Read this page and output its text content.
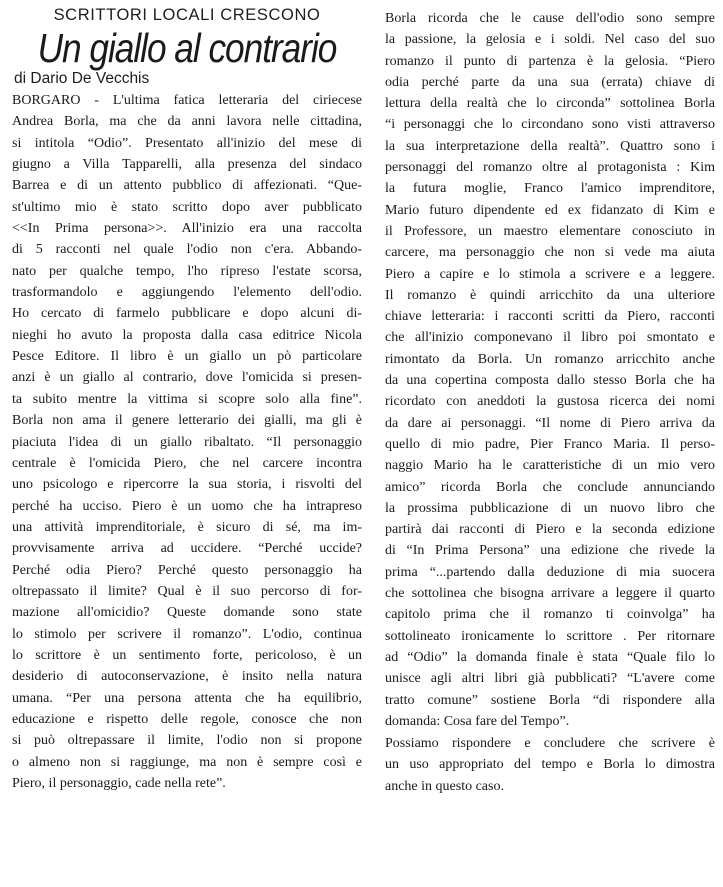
SCRITTORI LOCALI CRESCONO

Un giallo al contrario

di Dario De Vecchis

BORGARO - L'ultima fatica letteraria del ciriecese
Andrea Borla, ma che da anni lavora nelle cittadina,
si intitola “Odio”. Presentato all'inizio del mese di
giugno a Villa Tapparelli, alla presenza del sindaco
Barrea e di un attento pubblico di affezionati. “Que-
st'ultimo mio è stato scritto dopo aver pubblicato
<<In Prima persona>>. All'inizio era una raccolta
di 5 racconti nel quale l'odio non c'era. Abbando-
nato per qualche tempo, l'ho ripreso l'estate scorsa,
trasformandolo e aggiungendo l'elemento dell'odio.
Ho cercato di farmelo pubblicare e dopo alcuni di-
nieghi ho avuto la proposta dalla casa editrice Nicola
Pesce Editore. Il libro è un giallo un pò particolare
anzi è un giallo al contrario, dove l'omicida si presen-
ta subito mentre la vittima si scopre solo alla fine”.
Borla non ama il genere letterario dei gialli, ma gli è
piaciuta l'idea di un giallo ribaltato. “Il personaggio
centrale è l'omicida Piero, che nel carcere incontra
uno psicologo e ripercorre la sua storia, i risvolti del
perché ha ucciso. Piero è un uomo che ha intrapreso
una attività imprenditoriale, è sicuro di sé, ma im-
provvisamente arriva ad uccidere. “Perché uccide?
Perché odia Piero? Perché questo personaggio ha
oltrepassato il limite? Qual è il suo percorso di for-
mazione all'omicidio? Queste domande sono state
lo stimolo per scrivere il romanzo”. L'odio, continua
lo scrittore è un sentimento forte, pericoloso, è un
desiderio di autoconservazione, è insito nella natura
umana. “Per una persona attenta che ha equilibrio,
educazione e rispetto delle regole, conosce che non
si può oltrepassare il limite, l'odio non si propone
o almeno non si raggiunge, ma non è sempre così e
Piero, il personaggio, cade nella rete”.

Borla ricorda che le cause dell'odio sono sempre
la passione, la gelosia e i soldi. Nel caso del suo
romanzo il punto di partenza è la gelosia. “Piero
odia perché parte da una sua (errata) chiave di
lettura della realtà che lo circonda” sottolinea Borla
“i personaggi che lo circondano sono visti attraverso
la sua interpretazione della realtà”. Quattro sono i
personaggi del romanzo oltre al protagonista : Kim
la futura moglie, Franco l'amico imprenditore,
Mario futuro dipendente ed ex fidanzato di Kim e
il Professore, un maestro elementare conosciuto in
carcere, ma personaggio che non si vede ma aiuta
Piero a capire e lo stimola a scrivere e a leggere.
Il romanzo è quindi arricchito da una ulteriore
chiave letteraria: i racconti scritti da Piero, racconti
che all'inizio componevano il libro poi smontato e
rimontato da Borla. Un romanzo arricchito anche
da una copertina composta dallo stesso Borla che ha
ricordato con aneddoti la gustosa ricerca dei nomi
da dare ai personaggi. “Il nome di Piero arriva da
quello di mio padre, Pier Franco Maria. Il perso-
naggio Mario ha le caratteristiche di un mio vero
amico” ricorda Borla che conclude annunciando
la prossima pubblicazione di un nuovo libro che
partirà dai racconti di Piero e la seconda edizione
di “In Prima Persona” una edizione che rivede la
prima “...partendo dalla deduzione di mia suocera
che sottolinea che bisogna arrivare a leggere il quarto
capitolo prima che il romanzo ti coinvolga” ha
sottolineato ironicamente lo scrittore . Per ritornare
ad “Odio” la domanda finale è stata “Quale filo lo
unisce agli altri libri già pubblicati? “L'avere come
tratto comune” sostiene Borla “di rispondere alla
domanda: Cosa fare del Tempo”.

Possiamo rispondere e concludere che scrivere è
un uso appropriato del tempo e Borla lo dimostra
anche in questo caso.
